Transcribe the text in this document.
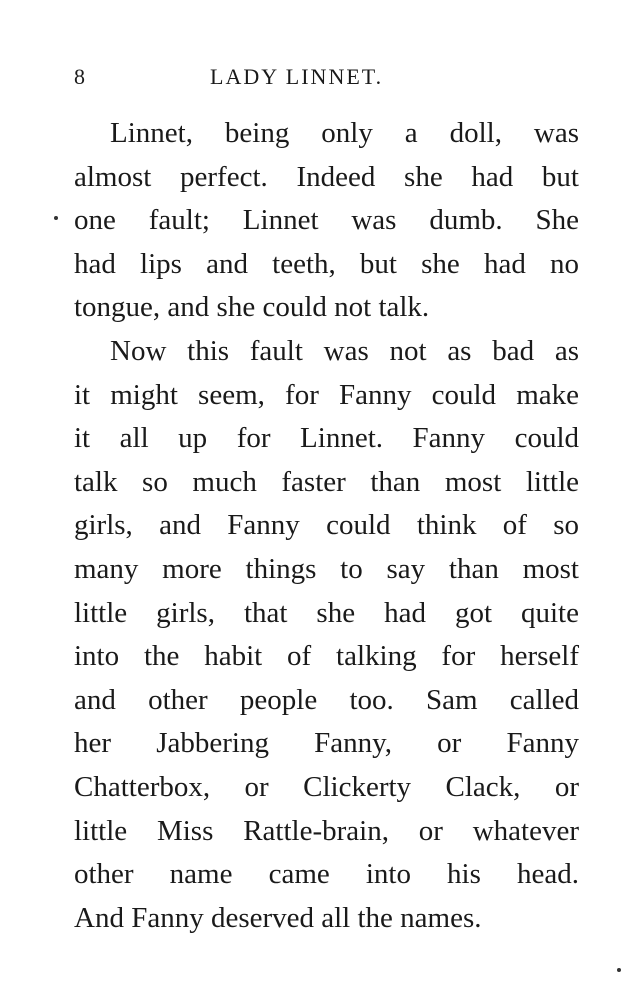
8	LADY LINNET.
Linnet, being only a doll, was
almost perfect. Indeed she had but
one fault; Linnet was dumb. She
had lips and teeth, but she had no
tongue, and she could not talk.
Now this fault was not as bad as
it might seem, for Fanny could make
it all up for Linnet. Fanny could
talk so much faster than most little
girls, and Fanny could think of so
many more things to say than most
little girls, that she had got quite
into the habit of talking for herself
and other people too. Sam called
her Jabbering Fanny, or Fanny
Chatterbox, or Clickerty Clack, or
little Miss Rattle-brain, or whatever
other name came into his head.
And Fanny deserved all the names.
